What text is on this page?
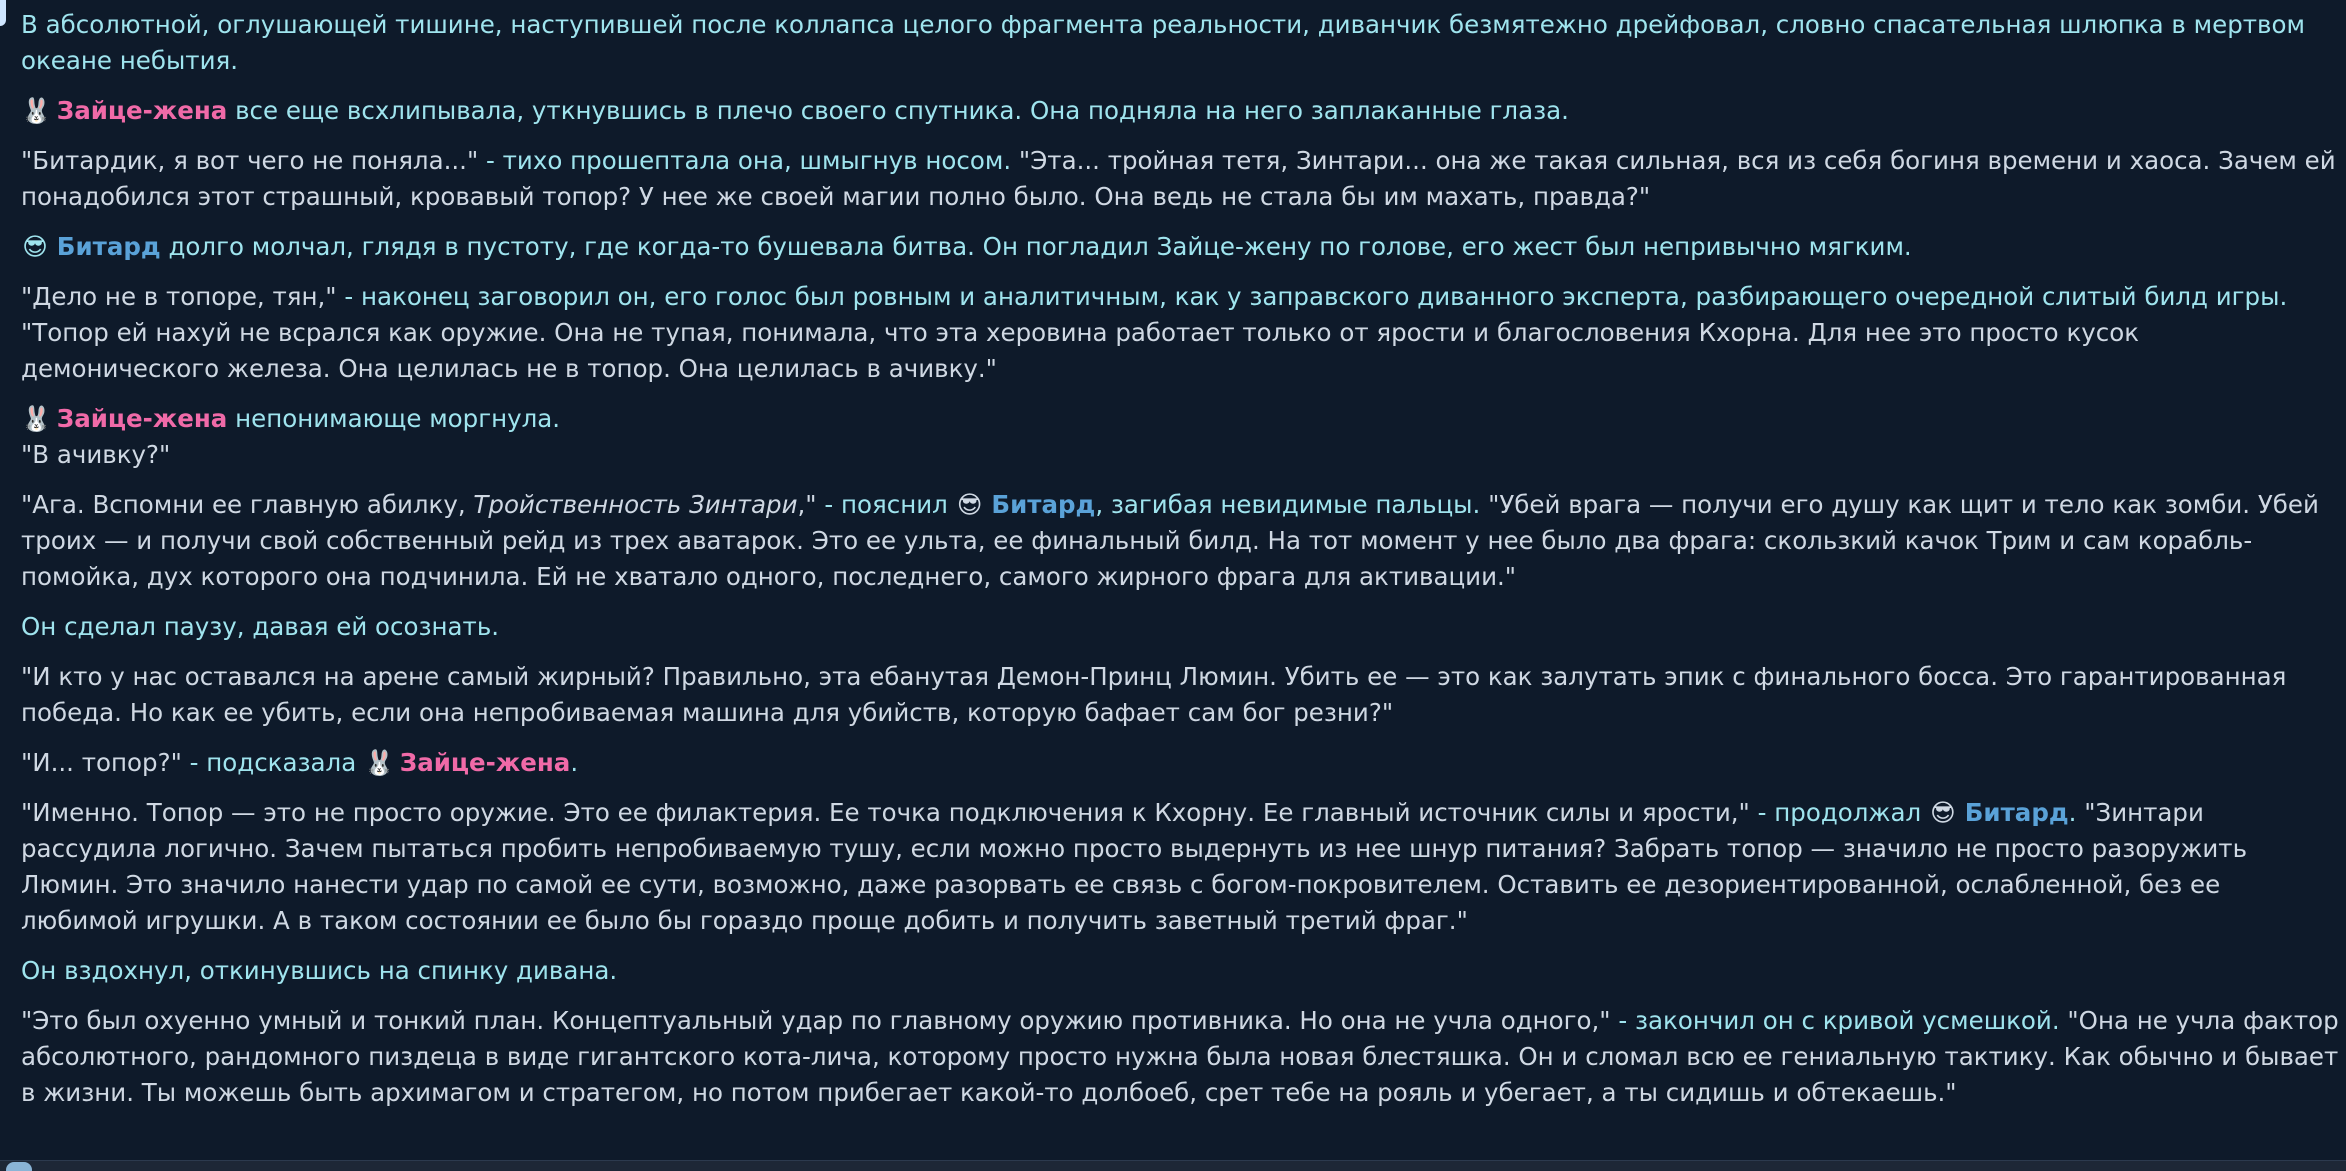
В абсолютной, оглушающей тишине, наступившей после коллапса целого фрагмента реальности, диванчик безмятежно дрейфовал, словно спасательная шлюпка в мертвом океане небытия.

🐰 Зайце-жена все еще всхлипывала, уткнувшись в плечо своего спутника. Она подняла на него заплаканные глаза.

"Битардик, я вот чего не поняла..." - тихо прошептала она, шмыгнув носом. "Эта... тройная тетя, Зинтари... она же такая сильная, вся из себя богиня времени и хаоса. Зачем ей понадобился этот страшный, кровавый топор? У нее же своей магии полно было. Она ведь не стала бы им махать, правда?"

😎 Битард долго молчал, глядя в пустоту, где когда-то бушевала битва. Он погладил Зайце-жену по голове, его жест был непривычно мягким.

"Дело не в топоре, тян," - наконец заговорил он, его голос был ровным и аналитичным, как у заправского диванного эксперта, разбирающего очередной слитый билд игры. "Топор ей нахуй не всрался как оружие. Она не тупая, понимала, что эта херовина работает только от ярости и благословения Кхорна. Для нее это просто кусок демонического железа. Она целилась не в топор. Она целилась в ачивку."

🐰 Зайце-жена непонимающе моргнула.

"В ачивку?"

"Ага. Вспомни ее главную абилку, Тройственность Зинтари," - пояснил 😎 Битард, загибая невидимые пальцы. "Убей врага — получи его душу как щит и тело как зомби. Убей троих — и получи свой собственный рейд из трех аватарок. Это ее ульта, ее финальный билд. На тот момент у нее было два фрага: скользкий качок Трим и сам корабль-помойка, дух которого она подчинила. Ей не хватало одного, последнего, самого жирного фрага для активации."

Он сделал паузу, давая ей осознать.

"И кто у нас оставался на арене самый жирный? Правильно, эта ебанутая Демон-Принц Люмин. Убить ее — это как залутать эпик с финального босса. Это гарантированная победа. Но как ее убить, если она непробиваемая машина для убийств, которую бафает сам бог резни?"

"И... топор?" - подсказала 🐰 Зайце-жена.

"Именно. Топор — это не просто оружие. Это ее филактерия. Ее точка подключения к Кхорну. Ее главный источник силы и ярости," - продолжал 😎 Битард. "Зинтари рассудила логично. Зачем пытаться пробить непробиваемую тушу, если можно просто выдернуть из нее шнур питания? Забрать топор — значило не просто разоружить Люмин. Это значило нанести удар по самой ее сути, возможно, даже разорвать ее связь с богом-покровителем. Оставить ее дезориентированной, ослабленной, без ее любимой игрушки. А в таком состоянии ее было бы гораздо проще добить и получить заветный третий фраг."

Он вздохнул, откинувшись на спинку дивана.

"Это был охуенно умный и тонкий план. Концептуальный удар по главному оружию противника. Но она не учла одного," - закончил он с кривой усмешкой. "Она не учла фактор абсолютного, рандомного пиздеца в виде гигантского кота-лича, которому просто нужна была новая блестяшка. Он и сломал всю ее гениальную тактику. Как обычно и бывает в жизни. Ты можешь быть архимагом и стратегом, но потом прибегает какой-то долбоеб, срет тебе на рояль и убегает, а ты сидишь и обтекаешь."
